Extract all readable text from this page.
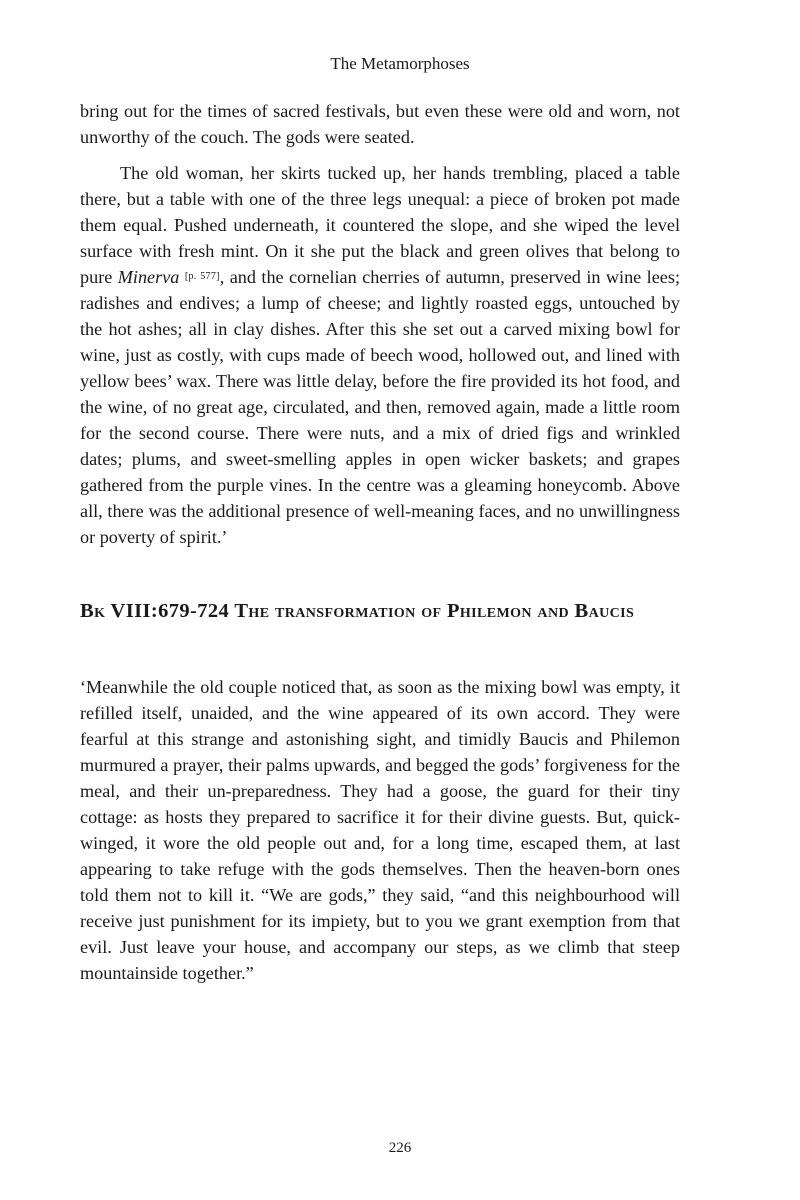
The Metamorphoses

bring out for the times of sacred festivals, but even these were old and worn, not unworthy of the couch. The gods were seated.

The old woman, her skirts tucked up, her hands trembling, placed a table there, but a table with one of the three legs unequal: a piece of broken pot made them equal. Pushed underneath, it countered the slope, and she wiped the level surface with fresh mint. On it she put the black and green olives that belong to pure Minerva [p. 577], and the cornelian cherries of autumn, preserved in wine lees; radishes and endives; a lump of cheese; and lightly roasted eggs, untouched by the hot ashes; all in clay dishes. After this she set out a carved mixing bowl for wine, just as costly, with cups made of beech wood, hollowed out, and lined with yellow bees’ wax. There was little delay, before the fire provided its hot food, and the wine, of no great age, circulated, and then, removed again, made a little room for the second course. There were nuts, and a mix of dried figs and wrinkled dates; plums, and sweet-smelling apples in open wicker baskets; and grapes gathered from the purple vines. In the centre was a gleaming honeycomb. Above all, there was the additional presence of well-meaning faces, and no unwillingness or poverty of spirit.’

Bk VIII:679-724 The transformation of Philemon and Baucis

‘Meanwhile the old couple noticed that, as soon as the mixing bowl was empty, it refilled itself, unaided, and the wine appeared of its own accord. They were fearful at this strange and astonishing sight, and timidly Baucis and Philemon murmured a prayer, their palms upwards, and begged the gods’ forgiveness for the meal, and their un-preparedness. They had a goose, the guard for their tiny cottage: as hosts they prepared to sacrifice it for their divine guests. But, quick-winged, it wore the old people out and, for a long time, escaped them, at last appearing to take refuge with the gods themselves. Then the heaven-born ones told them not to kill it. “We are gods,” they said, “and this neighbourhood will receive just punishment for its impiety, but to you we grant exemption from that evil. Just leave your house, and accompany our steps, as we climb that steep mountainside together.”

226
